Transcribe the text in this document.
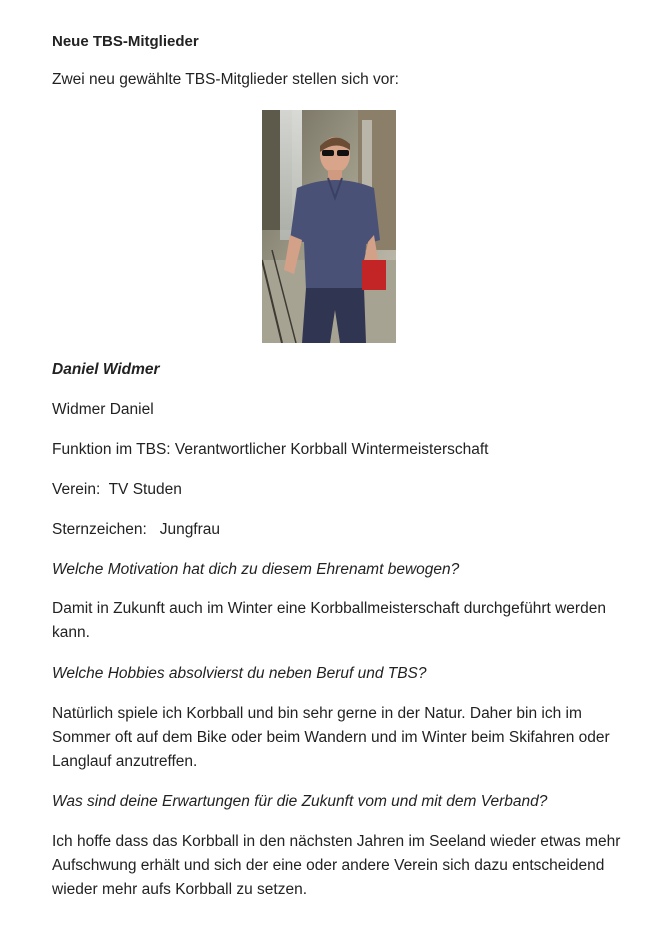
Neue TBS-Mitglieder
Zwei neu gewählte TBS-Mitglieder stellen sich vor:
Daniel Widmer
Widmer Daniel
Funktion im TBS: Verantwortlicher Korbball Wintermeisterschaft
Verein:  TV Studen
Sternzeichen:   Jungfrau
Welche Motivation hat dich zu diesem Ehrenamt bewogen?
Damit in Zukunft auch im Winter eine Korbballmeisterschaft durchgeführt werden kann.
Welche Hobbies absolvierst du neben Beruf und TBS?
Natürlich spiele ich Korbball und bin sehr gerne in der Natur. Daher bin ich im Sommer oft auf dem Bike oder beim Wandern und im Winter beim Skifahren oder Langlauf anzutreffen.
Was sind deine Erwartungen für die Zukunft vom und mit dem Verband?
Ich hoffe dass das Korbball in den nächsten Jahren im Seeland wieder etwas mehr Aufschwung erhält und sich der eine oder andere Verein sich dazu entscheidend wieder mehr aufs Korbball zu setzen.
